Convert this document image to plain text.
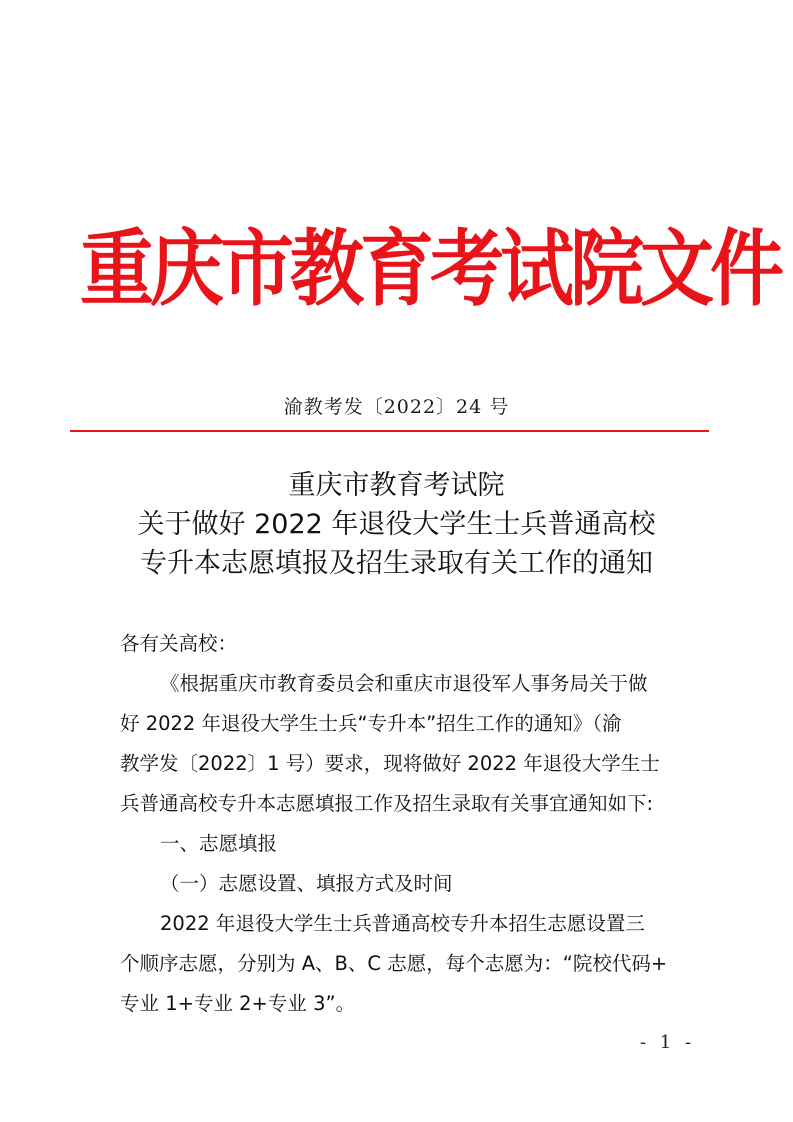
重庆市教育考试院文件
渝教考发〔2022〕24 号
重庆市教育考试院
关于做好 2022 年退役大学生士兵普通高校
专升本志愿填报及招生录取有关工作的通知

各有关高校：

《根据重庆市教育委员会和重庆市退役军人事务局关于做

好 2022 年退役大学生士兵“专升本”招生工作的通知》（渝

教学发〔2022〕1 号）要求，现将做好 2022 年退役大学生士

兵普通高校专升本志愿填报工作及招生录取有关事宜通知如下:

一、志愿填报

（一）志愿设置、填报方式及时间

2022 年退役大学生士兵普通高校专升本招生志愿设置三

个顺序志愿，分别为 A、B、C 志愿，每个志愿为：“院校代码+

专业 1+专业 2+专业 3”。

- 1 -
